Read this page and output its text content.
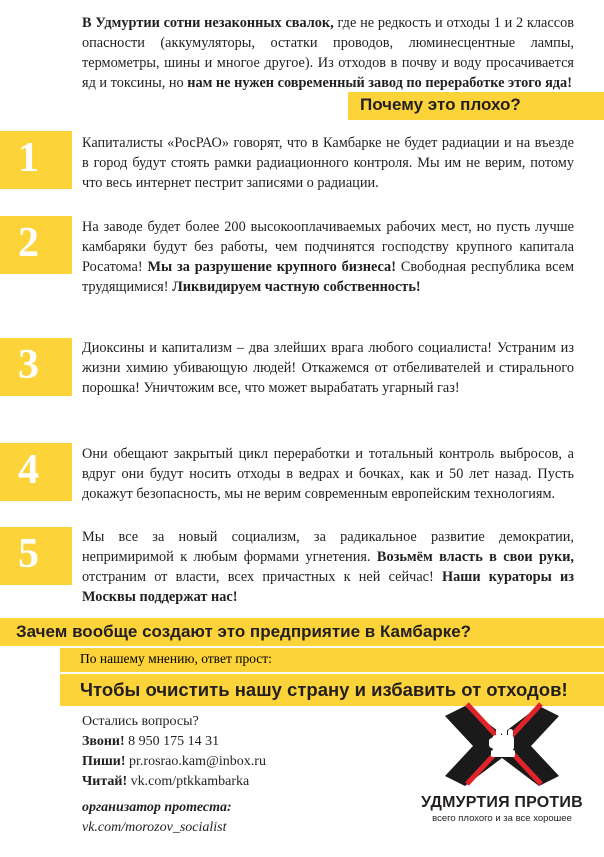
В Удмуртии сотни незаконных свалок, где не редкость и отходы 1 и 2 классов опасности (аккумуляторы, остатки проводов, люминесцентные лампы, термометры, шины и многое другое). Из отходов в почву и воду просачивается яд и токсины, но нам не нужен современный завод по переработке этого яда!

Почему это плохо?
1	Капиталисты «РосРАО» говорят, что в Камбарке не будет радиации и на въезде в город будут стоять рамки радиационного контроля. Мы им не верим, потому что весь интернет пестрит записями о радиации.

2	На заводе будет более 200 высокооплачиваемых рабочих мест, но пусть лучше камбаряки будут без работы, чем подчинятся господству крупного капитала Росатома! Мы за разрушение крупного бизнеса! Свободная республика всем трудящимися! Ликвидируем частную собственность!

3	Диоксины и капитализм – два злейших врага любого социалиста! Устраним из жизни химию убивающую людей! Откажемся от отбеливателей и стирального порошка! Уничтожим все, что может вырабатать угарный газ!

4	Они обещают закрытый цикл переработки и тотальный контроль выбросов, а вдруг они будут носить отходы в ведрах и бочках, как и 50 лет назад. Пусть докажут безопасность, мы не верим современным европейским технологиям.

5	Мы все за новый социализм, за радикальное развитие демократии, непримиримой к любым формами угнетения. Возьмём власть в свои руки, отстраним от власти, всех причастных к ней сейчас! Наши кураторы из Москвы поддержат нас!

Зачем вообще создают это предприятие в Камбарке?
По нашему мнению, ответ прост:
Чтобы очистить нашу страну и избавить от отходов!
Остались вопросы?
Звони! 8 950 175 14 31
Пиши! pr.rosrao.kam@inbox.ru
Читай! vk.com/ptkkambarka
организатор протеста:
vk.com/morozov_socialist
УДМУРТИЯ ПРОТИВ
всего плохого и за все хорошее
